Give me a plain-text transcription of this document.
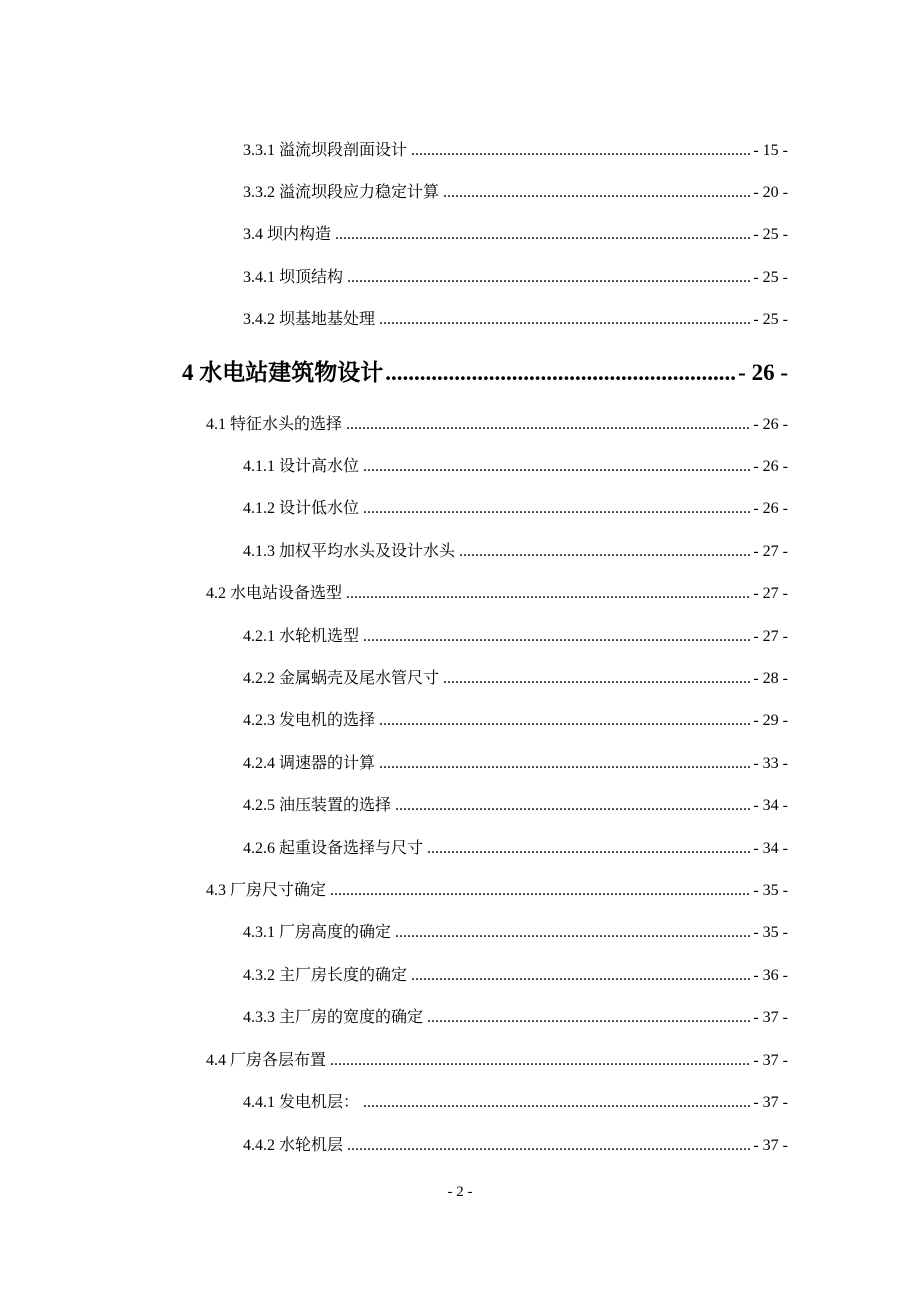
3.3.1 溢流坝段剖面设计 .....	- 15 -
3.3.2 溢流坝段应力稳定计算 .....	- 20 -
3.4 坝内构造 .....	- 25 -
3.4.1 坝顶结构 .....	- 25 -
3.4.2 坝基地基处理 .....	- 25 -
4 水电站建筑物设计 .....	- 26 -
4.1 特征水头的选择 .....	- 26 -
4.1.1 设计高水位 .....	- 26 -
4.1.2 设计低水位 .....	- 26 -
4.1.3 加权平均水头及设计水头 .....	- 27 -
4.2 水电站设备选型 .....	- 27 -
4.2.1 水轮机选型 .....	- 27 -
4.2.2 金属蜗壳及尾水管尺寸 .....	- 28 -
4.2.3 发电机的选择 .....	- 29 -
4.2.4 调速器的计算 .....	- 33 -
4.2.5 油压装置的选择 .....	- 34 -
4.2.6 起重设备选择与尺寸 .....	- 34 -
4.3 厂房尺寸确定 .....	- 35 -
4.3.1 厂房高度的确定 .....	- 35 -
4.3.2 主厂房长度的确定 .....	- 36 -
4.3.3 主厂房的宽度的确定 .....	- 37 -
4.4 厂房各层布置 .....	- 37 -
4.4.1 发电机层： .....	- 37 -
4.4.2 水轮机层 .....	- 37 -
- 2 -
